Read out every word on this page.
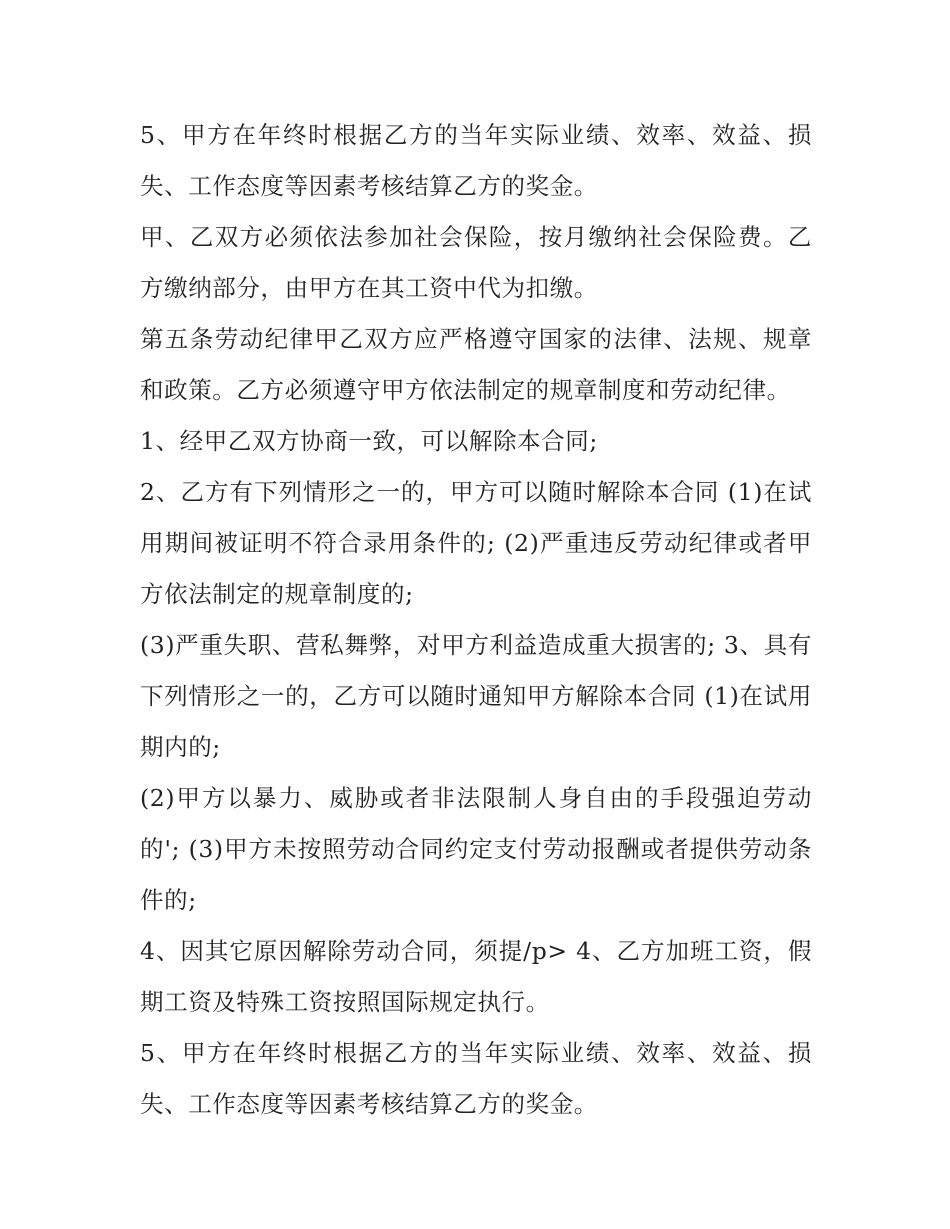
5、甲方在年终时根据乙方的当年实际业绩、效率、效益、损失、工作态度等因素考核结算乙方的奖金。

甲、乙双方必须依法参加社会保险，按月缴纳社会保险费。乙方缴纳部分，由甲方在其工资中代为扣缴。

第五条劳动纪律甲乙双方应严格遵守国家的法律、法规、规章和政策。乙方必须遵守甲方依法制定的规章制度和劳动纪律。

1、经甲乙双方协商一致，可以解除本合同;

2、乙方有下列情形之一的，甲方可以随时解除本合同 (1)在试用期间被证明不符合录用条件的; (2)严重违反劳动纪律或者甲方依法制定的规章制度的;

(3)严重失职、营私舞弊，对甲方利益造成重大损害的; 3、具有下列情形之一的，乙方可以随时通知甲方解除本合同 (1)在试用期内的;

(2)甲方以暴力、威胁或者非法限制人身自由的手段强迫劳动的'; (3)甲方未按照劳动合同约定支付劳动报酬或者提供劳动条件的;

4、因其它原因解除劳动合同，须提/p> 4、乙方加班工资，假期工资及特殊工资按照国际规定执行。

5、甲方在年终时根据乙方的当年实际业绩、效率、效益、损失、工作态度等因素考核结算乙方的奖金。
